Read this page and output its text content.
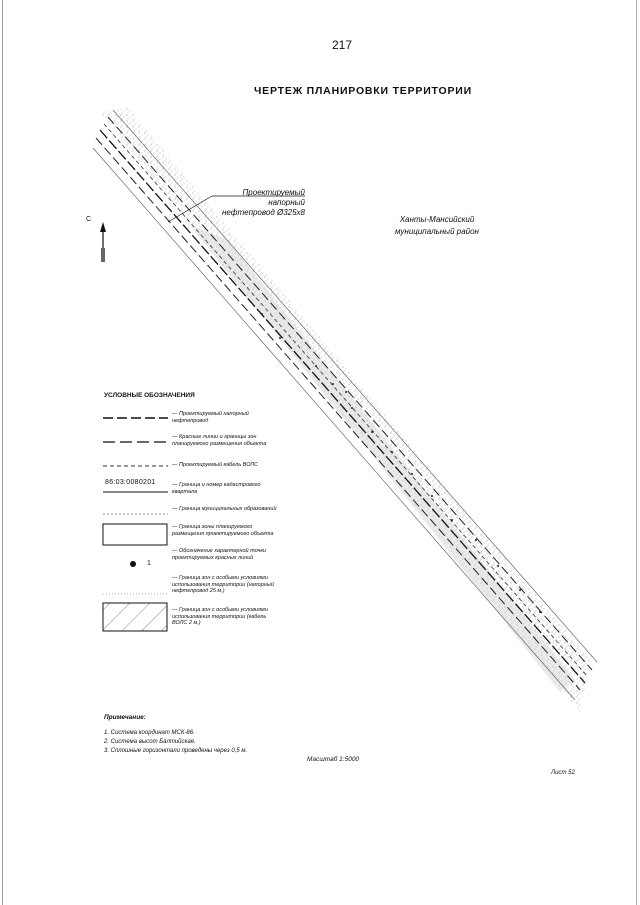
217
ЧЕРТЕЖ ПЛАНИРОВКИ ТЕРРИТОРИИ
Проектируемый
напорный
нефтепровод Ø325х8
Ханты-Мансийский
муниципальный район
С
УСЛОВНЫЕ ОБОЗНАЧЕНИЯ
— Проектируемый напорный нефтепровод
— Красные линии и границы зон планируемого размещения объекта
— Проектируемый кабель ВОЛС
86:03:0080201	— Граница и номер кадастрового квартала
— Граница муниципальных образований
— Граница зоны планируемого размещения проектируемого объекта
1
— Обозначение характерной точки проектируемых красных линий
— Граница зон с особыми условиями использования территории (напорный нефтепровод 25 м.)
— Граница зон с особыми условиями использования территории (кабель ВОЛС 2 м.)
Примечание:
1. Система координат МСК-86.
2. Система высот Балтийская.
3. Сплошные горизонтали проведены через 0,5 м.
Масштаб 1:5000
Лист 52
